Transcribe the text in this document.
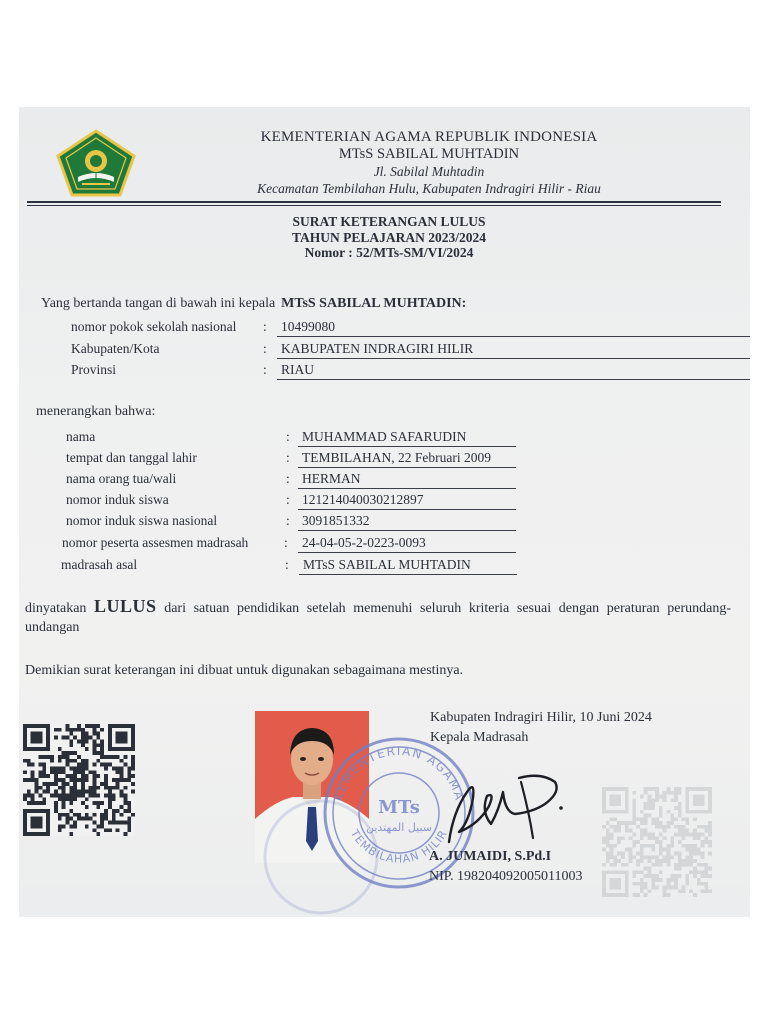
KEMENTERIAN AGAMA REPUBLIK INDONESIA
MTsS SABILAL MUHTADIN
Jl. Sabilal Muhtadin
Kecamatan Tembilahan Hulu, Kabupaten Indragiri Hilir - Riau
SURAT KETERANGAN LULUS
TAHUN PELAJARAN 2023/2024
Nomor : 52/MTs-SM/VI/2024
Yang bertanda tangan di bawah ini kepala MTsS SABILAL MUHTADIN:
nomor pokok sekolah nasional : 10499080
Kabupaten/Kota	: KABUPATEN INDRAGIRI HILIR
Provinsi	: RIAU
menerangkan bahwa:
nama	: MUHAMMAD SAFARUDIN
tempat dan tanggal lahir	: TEMBILAHAN, 22 Februari 2009
nama orang tua/wali	: HERMAN
nomor induk siswa	: 121214040030212897
nomor induk siswa nasional	: 3091851332
nomor peserta assesmen madrasah	: 24-04-05-2-0223-0093
madrasah asal	: MTsS SABILAL MUHTADIN
dinyatakan LULUS dari satuan pendidikan setelah memenuhi seluruh kriteria sesuai dengan peraturan perundang-undangan
Demikian surat keterangan ini dibuat untuk digunakan sebagaimana mestinya.
KEMENTERIAN AGAMA
TEMBILAHAN HILIR
MTs
سبيل المهتدين
Kabupaten Indragiri Hilir, 10 Juni 2024
Kepala Madrasah
A. JUMAIDI, S.Pd.I
NIP. 198204092005011003
